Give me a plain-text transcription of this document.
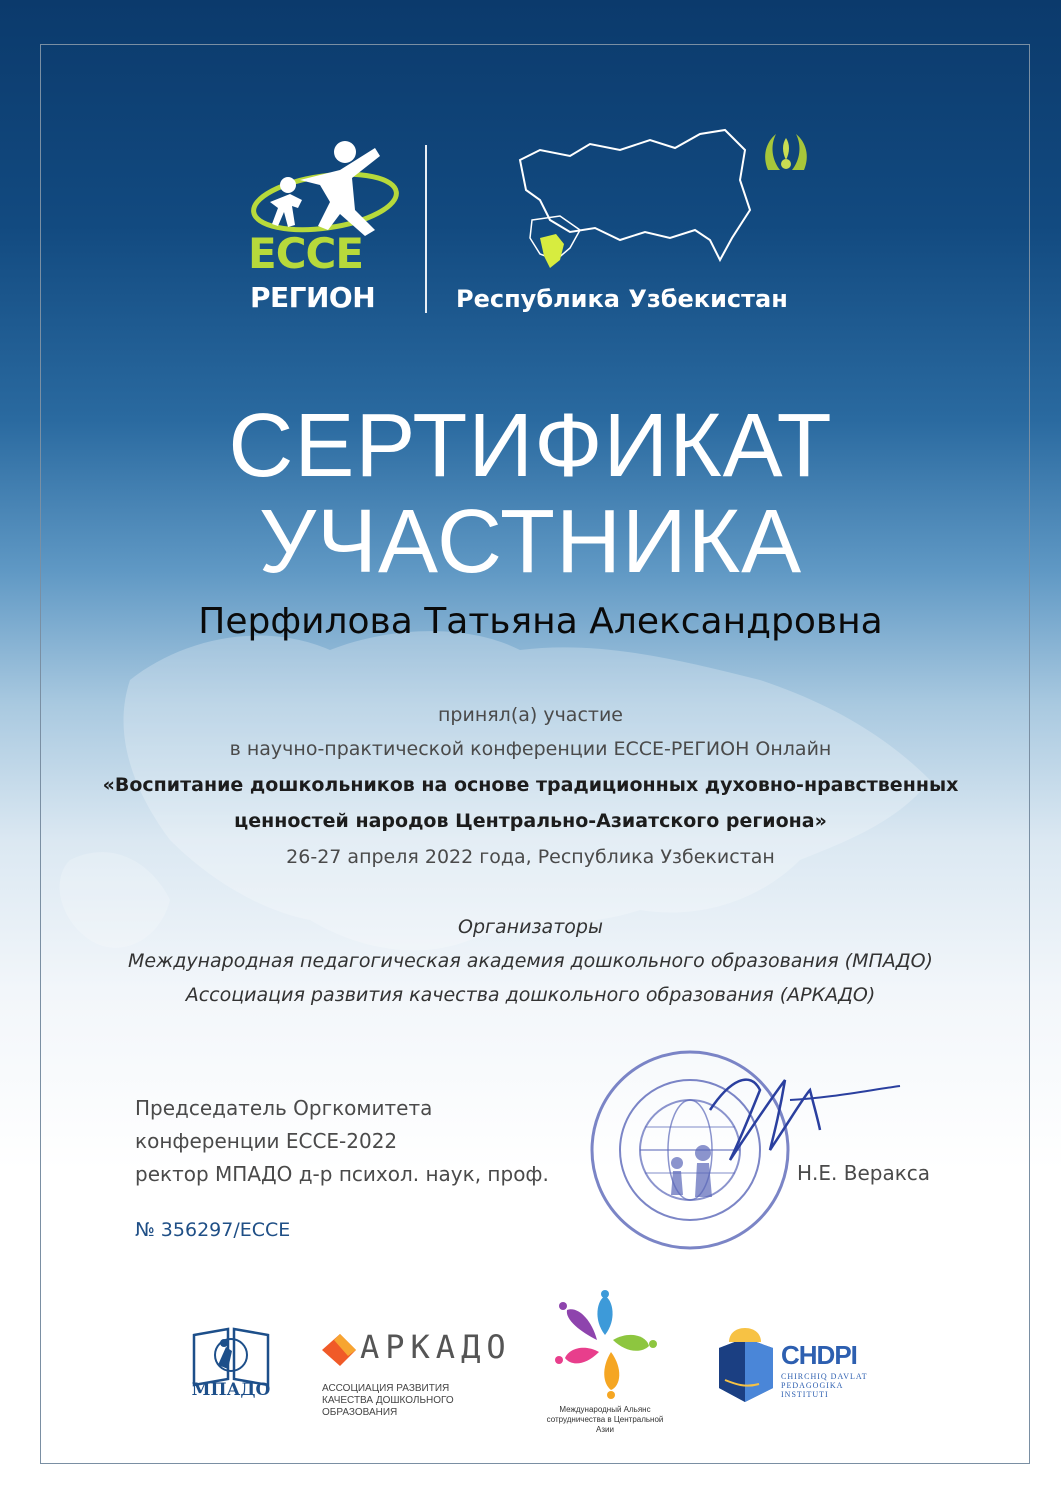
ECCE
РЕГИОН	Республика Узбекистан
СЕРТИФИКАТ
УЧАСТНИКА
Перфилова Татьяна Александровна
принял(а) участие
в научно-практической конференции ECCE-РЕГИОН Онлайн
«Воспитание дошкольников на основе традиционных духовно-нравственных
ценностей народов Центрально-Азиатского региона»
26-27 апреля 2022 года, Республика Узбекистан
Организаторы
Международная педагогическая академия дошкольного образования (МПАДО)
Ассоциация развития качества дошкольного образования (АРКАДО)
Председатель Оргкомитета
конференции ECCE-2022
ректор МПАДО д-р психол. наук, проф.	Н.Е. Веракса
№ 356297/ECCE
МПАДО
АРКАДО
АССОЦИАЦИЯ РАЗВИТИЯ КАЧЕСТВА ДОШКОЛЬНОГО ОБРАЗОВАНИЯ	Международный Альянс сотрудничества в Центральной Азии
CHDPI
CHIRCHIQ DAVLAT PEDAGOGIKA INSTITUTI
